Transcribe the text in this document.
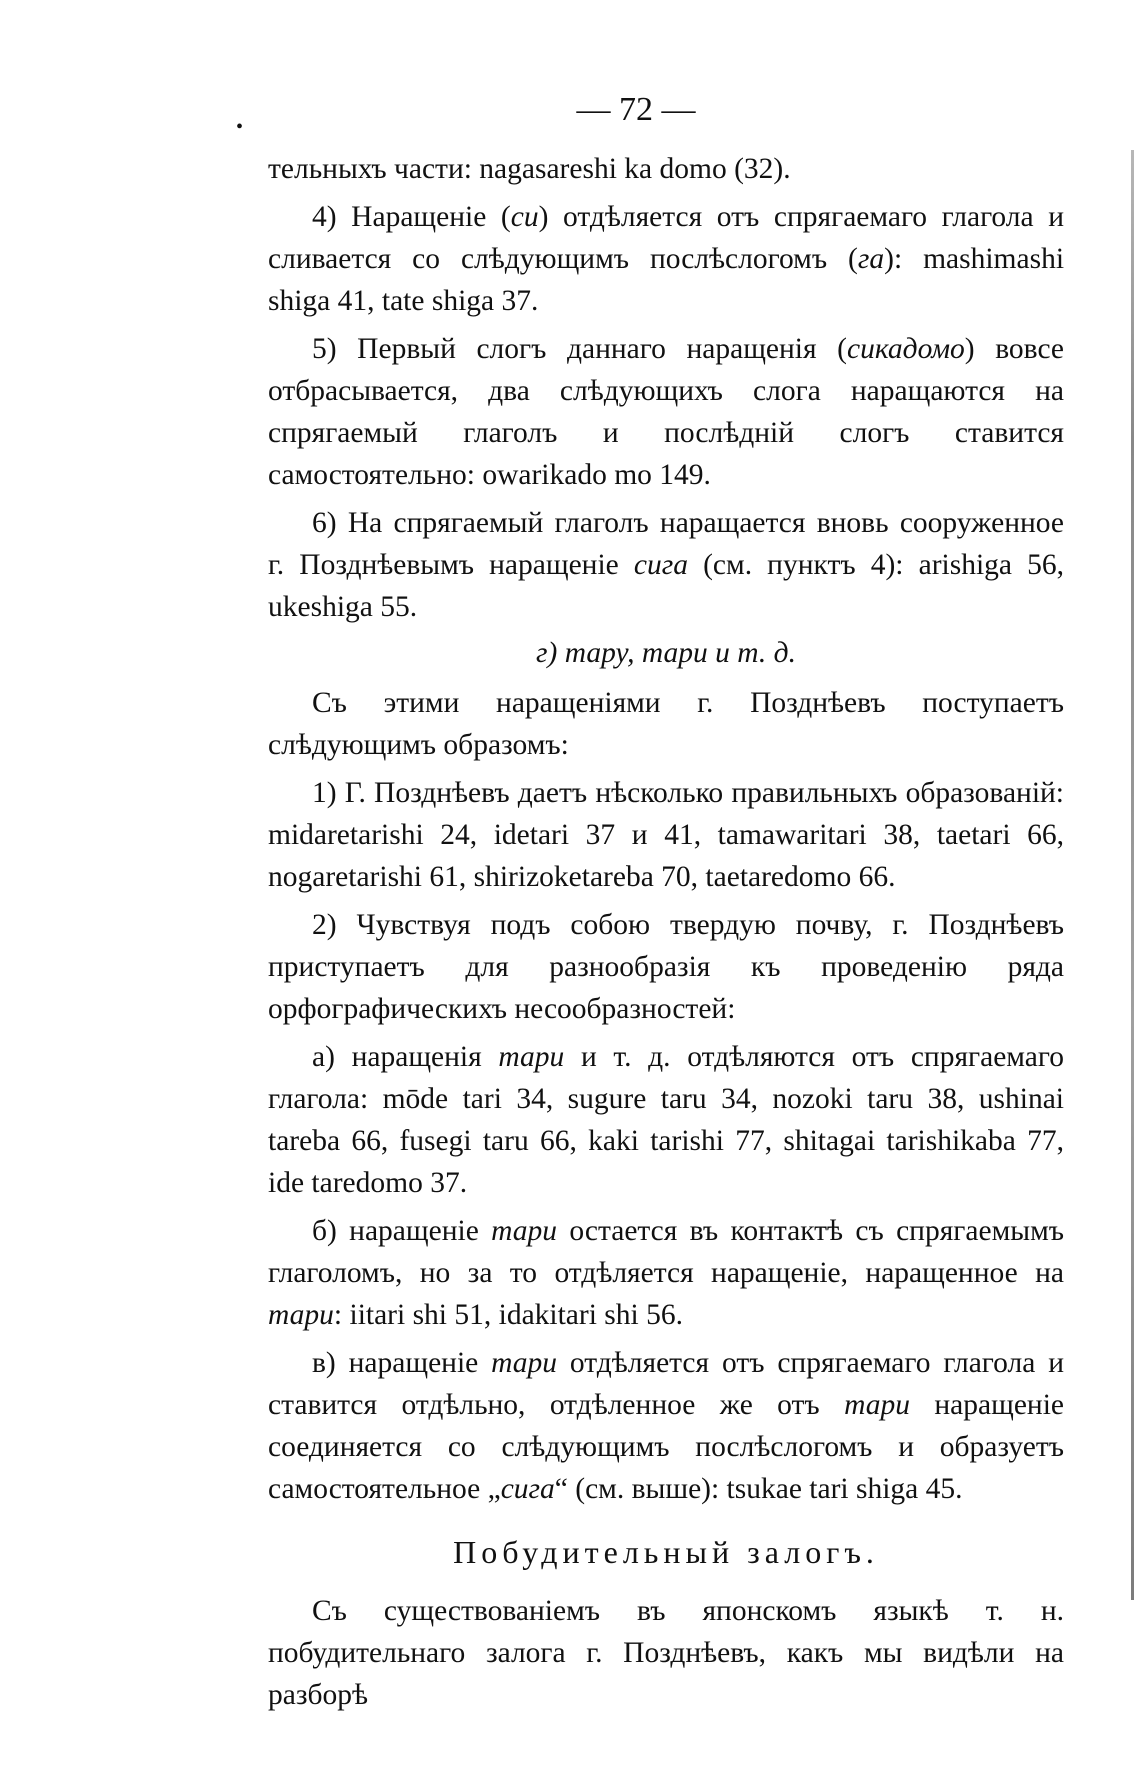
•	— 72 —

тельныхъ части: nagasareshi ka domo (32).

4) Наращеніе (си) отдѣляется отъ спрягаемаго глагола и сливается со слѣдующимъ послѣслогомъ (га): mashimashi shiga 41, tate shiga 37.

5) Первый слогъ даннаго наращенія (сикадомо) вовсе отбрасывается, два слѣдующихъ слога наращаются на спрягаемый глаголъ и послѣдній слогъ ставится самостоятельно: owarikado mo 149.

6) На спрягаемый глаголъ наращается вновь сооруженное г. Позднѣевымъ наращеніе сига (см. пунктъ 4): arishiga 56, ukeshiga 55.

г) тару, тари и т. д.

Съ этими наращеніями г. Позднѣевъ поступаетъ слѣдующимъ образомъ:

1) Г. Позднѣевъ даетъ нѣсколько правильныхъ образованій: midaretarishi 24, idetari 37 и 41, tamawaritari 38, taetari 66, nogaretarishi 61, shirizoketareba 70, taetaredomo 66.

2) Чувствуя подъ собою твердую почву, г. Позднѣевъ приступаетъ для разнообразія къ проведенію ряда орфографическихъ несообразностей:

а) наращенія тари и т. д. отдѣляются отъ спрягаемаго глагола: mōde tari 34, sugure taru 34, nozoki taru 38, ushinai tareba 66, fusegi taru 66, kaki tarishi 77, shitagai tarishikaba 77, ide taredomo 37.

б) наращеніе тари остается въ контактѣ съ спрягаемымъ глаголомъ, но за то отдѣляется наращеніе, наращенное на тари: iitari shi 51, idakitari shi 56.

в) наращеніе тари отдѣляется отъ спрягаемаго глагола и ставится отдѣльно, отдѣленное же отъ тари наращеніе соединяется со слѣдующимъ послѣслогомъ и образуетъ самостоятельное „сига“ (см. выше): tsukae tari shiga 45.

Побудительный залогъ.

Съ существованіемъ въ японскомъ языкѣ т. н. побудительнаго залога г. Позднѣевъ, какъ мы видѣли на разборѣ
